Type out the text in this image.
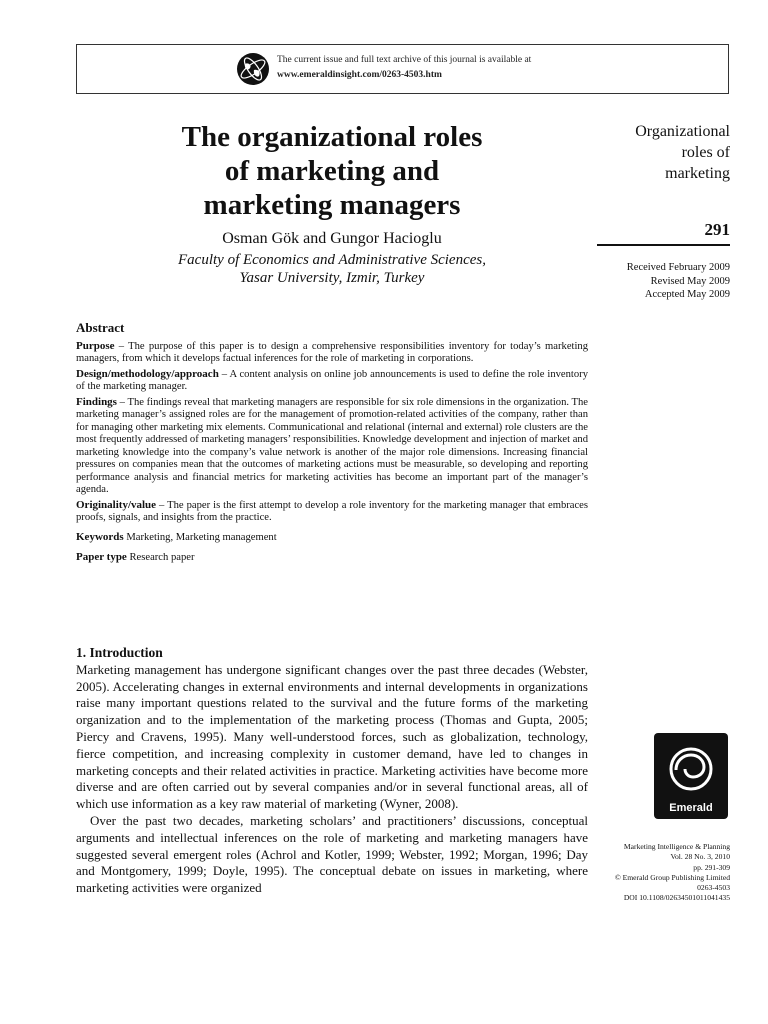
The current issue and full text archive of this journal is available at
www.emeraldinsight.com/0263-4503.htm
The organizational roles
of marketing and
marketing managers
Osman Gök and Gungor Hacioglu
Faculty of Economics and Administrative Sciences,
Yasar University, Izmir, Turkey
Organizational
roles of
marketing
291
Received February 2009
Revised May 2009
Accepted May 2009
Abstract

Purpose – The purpose of this paper is to design a comprehensive responsibilities inventory for today’s marketing managers, from which it develops factual inferences for the role of marketing in corporations.

Design/methodology/approach – A content analysis on online job announcements is used to define the role inventory of the marketing manager.

Findings – The findings reveal that marketing managers are responsible for six role dimensions in the organization. The marketing manager’s assigned roles are for the management of promotion-related activities of the company, rather than for managing other marketing mix elements. Communicational and relational (internal and external) role clusters are the most frequently addressed of marketing managers’ responsibilities. Knowledge development and injection of market and marketing knowledge into the company’s value network is another of the major role dimensions. Increasing financial pressures on companies mean that the outcomes of marketing actions must be measurable, so developing and reporting performance analysis and financial metrics for marketing activities has become an important part of the manager’s agenda.

Originality/value – The paper is the first attempt to develop a role inventory for the marketing manager that embraces proofs, signals, and insights from the practice.

Keywords Marketing, Marketing management

Paper type Research paper

1. Introduction

Marketing management has undergone significant changes over the past three decades (Webster, 2005). Accelerating changes in external environments and internal developments in organizations raise many important questions related to the survival and the future forms of the marketing organization and to the implementation of the marketing process (Thomas and Gupta, 2005; Piercy and Cravens, 1995). Many well-understood forces, such as globalization, technology, fierce competition, and increasing complexity in customer demand, have led to changes in marketing concepts and their related activities in practice. Marketing activities have become more diverse and are often carried out by several companies and/or in several functional areas, all of which use information as a key raw material of marketing (Wyner, 2008).

Over the past two decades, marketing scholars’ and practitioners’ discussions, conceptual arguments and intellectual inferences on the role of marketing and marketing managers have suggested several emergent roles (Achrol and Kotler, 1999; Webster, 1992; Morgan, 1996; Day and Montgomery, 1999; Doyle, 1995). The conceptual debate on issues in marketing, where marketing activities were organized

Emerald
Marketing Intelligence & Planning
Vol. 28 No. 3, 2010
pp. 291-309
© Emerald Group Publishing Limited
0263-4503
DOI 10.1108/02634501011041435
